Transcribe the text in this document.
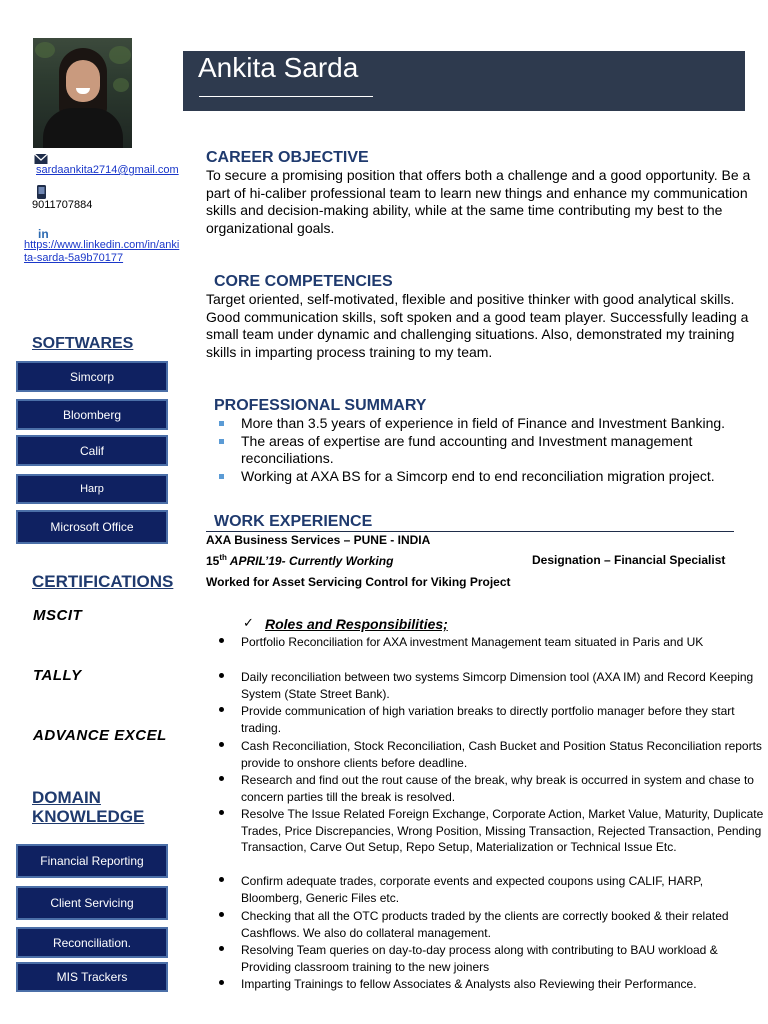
Ankita Sarda
sardaankita2714@gmail.com
9011707884
in
https://www.linkedin.com/in/anki
ta-sarda-5a9b70177
SOFTWARES
Simcorp
Bloomberg
Calif
Harp
Microsoft Office
CERTIFICATIONS
MSCIT
TALLY
ADVANCE EXCEL
DOMAIN
KNOWLEDGE
Financial Reporting
Client Servicing
Reconciliation.
MIS Trackers
CAREER OBJECTIVE
To secure a promising position that offers both a challenge and a good opportunity. Be a part of hi-caliber professional team to learn new things and enhance my communication skills and decision-making ability, while at the same time contributing my best to the organizational goals.
CORE COMPETENCIES
Target oriented, self-motivated, flexible and positive thinker with good analytical skills. Good communication skills, soft spoken and a good team player. Successfully leading a small team under dynamic and challenging situations. Also, demonstrated my training skills in imparting process training to my team.
PROFESSIONAL SUMMARY
More than 3.5 years of experience in field of Finance and Investment Banking.
The areas of expertise are fund accounting and Investment management reconciliations.
Working at AXA BS for a Simcorp end to end reconciliation migration project.
WORK EXPERIENCE
AXA Business Services – PUNE - INDIA
15th APRIL’19- Currently Working	Designation – Financial Specialist
Worked for Asset Servicing Control for Viking Project
✓ Roles and Responsibilities;
Portfolio Reconciliation for AXA investment Management team situated in Paris and UK
Daily reconciliation between two systems Simcorp Dimension tool (AXA IM) and Record Keeping System (State Street Bank).
Provide communication of high variation breaks to directly portfolio manager before they start trading.
Cash Reconciliation, Stock Reconciliation, Cash Bucket and Position Status Reconciliation reports provide to onshore clients before deadline.
Research and find out the rout cause of the break, why break is occurred in system and chase to concern parties till the break is resolved.
Resolve The Issue Related Foreign Exchange, Corporate Action, Market Value, Maturity, Duplicate Trades, Price Discrepancies, Wrong Position, Missing Transaction, Rejected Transaction, Pending Transaction, Carve Out Setup, Repo Setup, Materialization or Technical Issue Etc.
Confirm adequate trades, corporate events and expected coupons using CALIF, HARP, Bloomberg, Generic Files etc.
Checking that all the OTC products traded by the clients are correctly booked & their related Cashflows. We also do collateral management.
Resolving Team queries on day-to-day process along with contributing to BAU workload & Providing classroom training to the new joiners
Imparting Trainings to fellow Associates & Analysts also Reviewing their Performance.
